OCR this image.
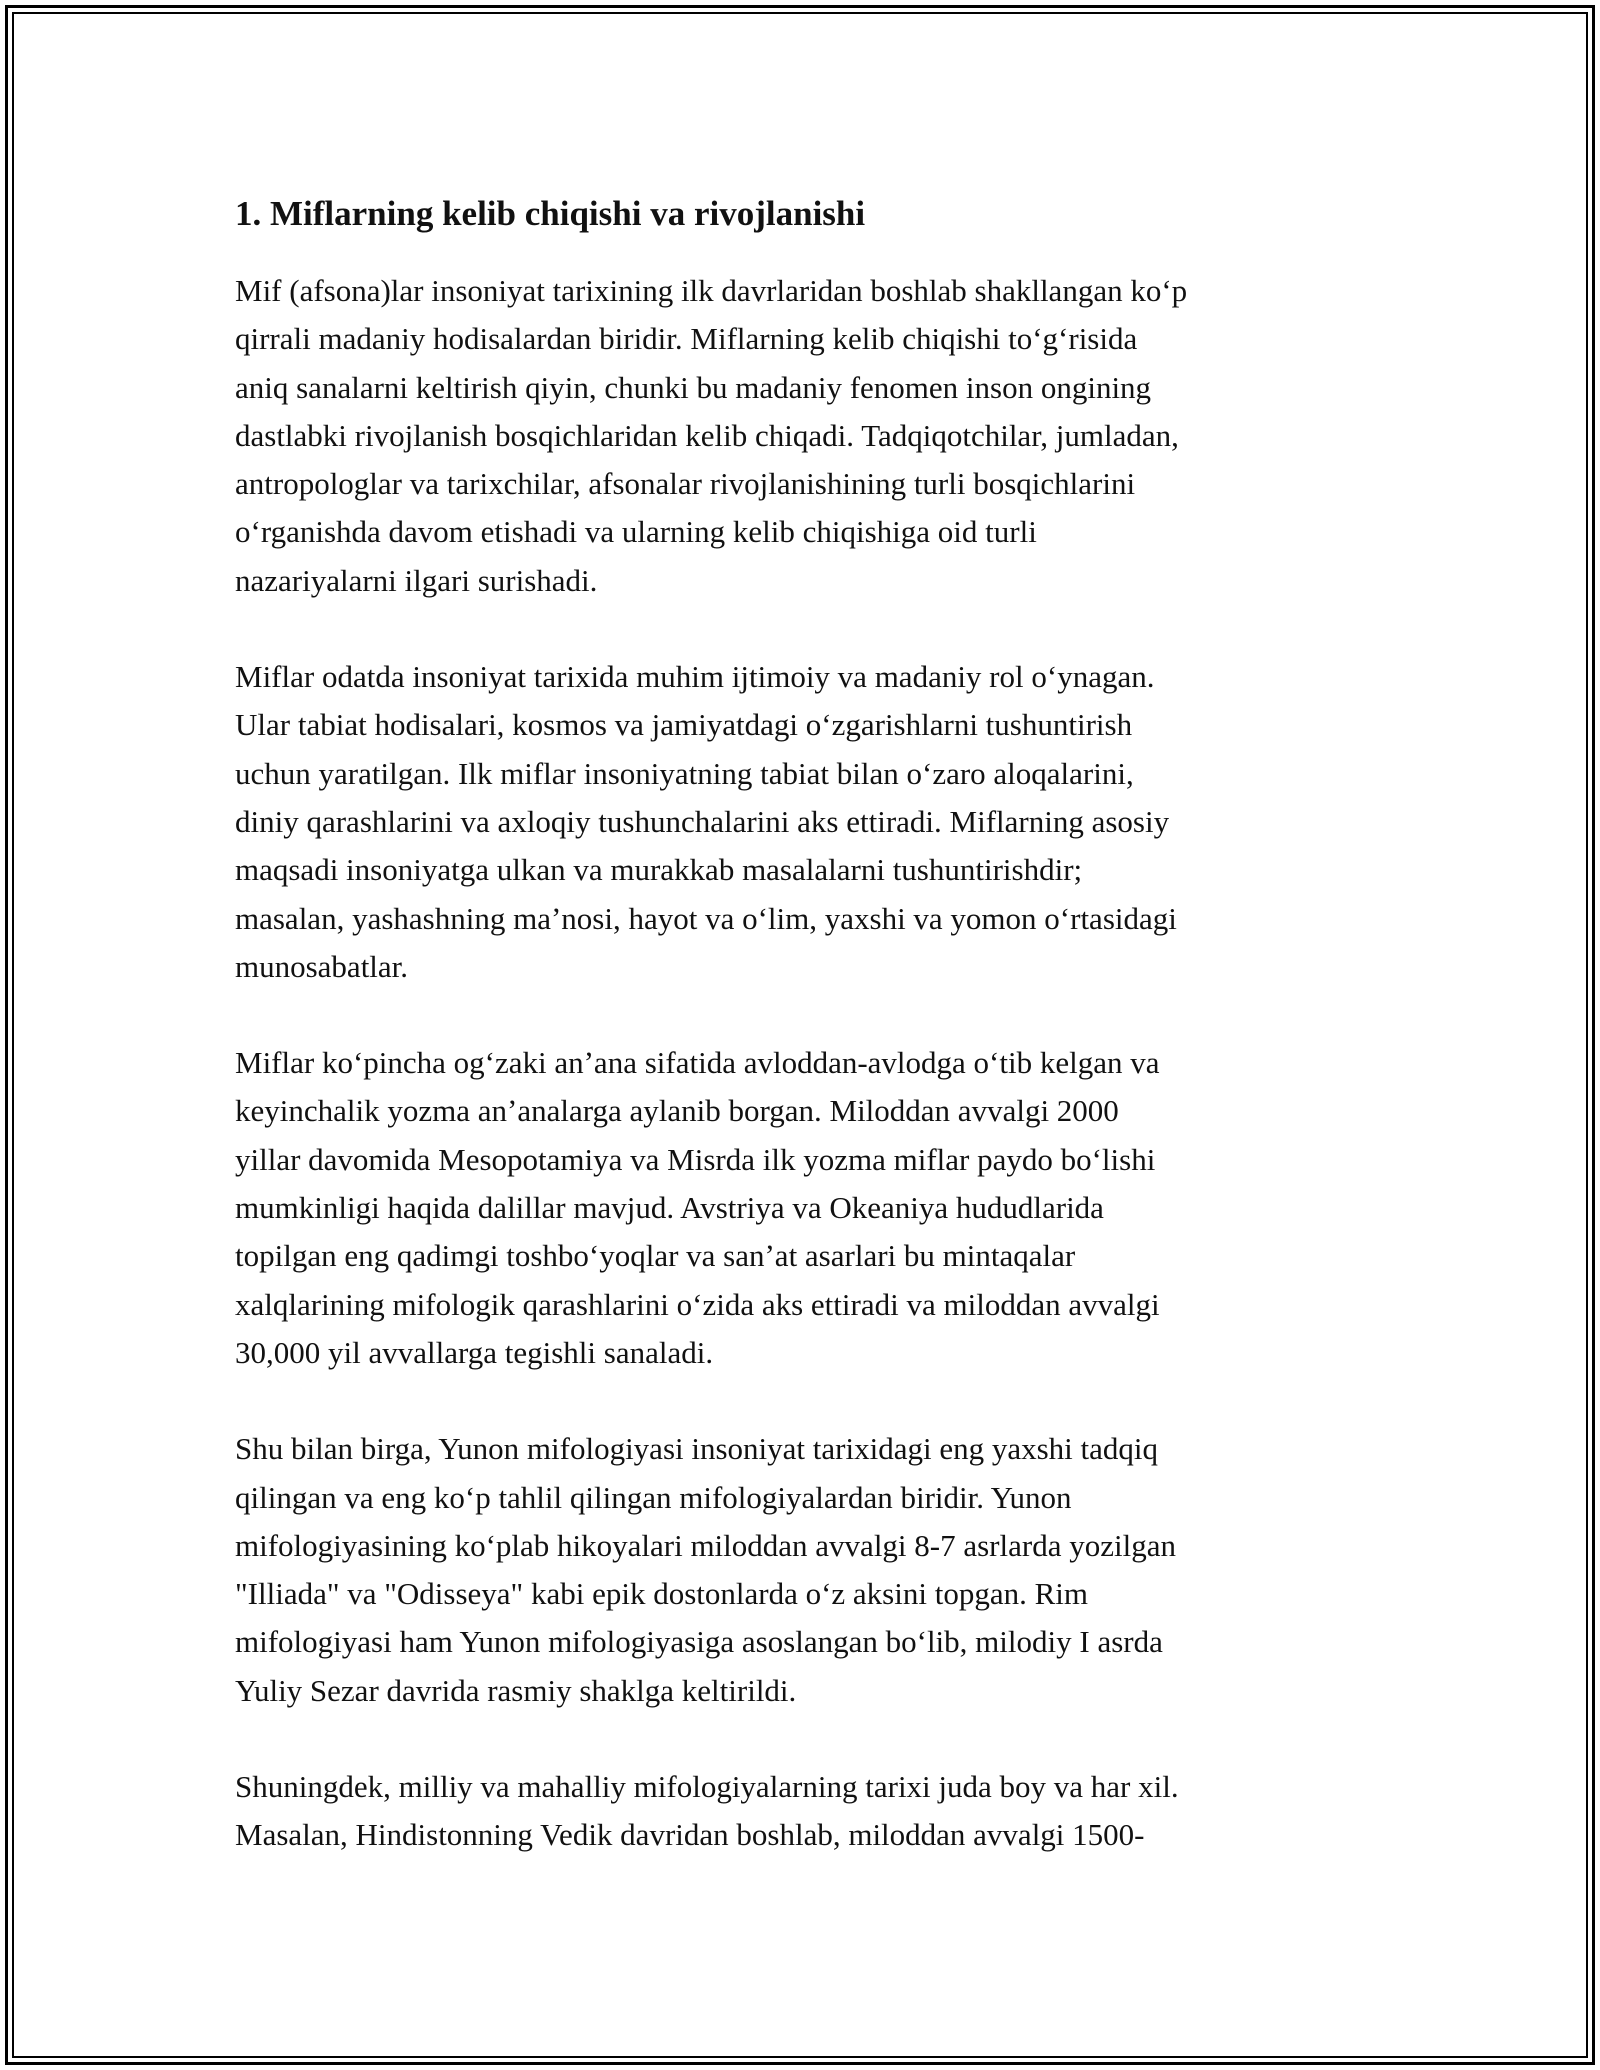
1. Miflarning kelib chiqishi va rivojlanishi

Mif (afsona)lar insoniyat tarixining ilk davrlaridan boshlab shakllangan koʻp
qirrali madaniy hodisalardan biridir. Miflarning kelib chiqishi toʻgʻrisida
aniq sanalarni keltirish qiyin, chunki bu madaniy fenomen inson ongining
dastlabki rivojlanish bosqichlaridan kelib chiqadi. Tadqiqotchilar, jumladan,
antropologlar va tarixchilar, afsonalar rivojlanishining turli bosqichlarini
oʻrganishda davom etishadi va ularning kelib chiqishiga oid turli
nazariyalarni ilgari surishadi.

Miflar odatda insoniyat tarixida muhim ijtimoiy va madaniy rol oʻynagan.
Ular tabiat hodisalari, kosmos va jamiyatdagi oʻzgarishlarni tushuntirish
uchun yaratilgan. Ilk miflar insoniyatning tabiat bilan oʻzaro aloqalarini,
diniy qarashlarini va axloqiy tushunchalarini aks ettiradi. Miflarning asosiy
maqsadi insoniyatga ulkan va murakkab masalalarni tushuntirishdir;
masalan, yashashning maʼnosi, hayot va oʻlim, yaxshi va yomon oʻrtasidagi
munosabatlar.

Miflar koʻpincha ogʻzaki anʼana sifatida avloddan-avlodga oʻtib kelgan va
keyinchalik yozma anʼanalarga aylanib borgan. Miloddan avvalgi 2000
yillar davomida Mesopotamiya va Misrda ilk yozma miflar paydo boʻlishi
mumkinligi haqida dalillar mavjud. Avstriya va Okeaniya hududlarida
topilgan eng qadimgi toshboʻyoqlar va sanʼat asarlari bu mintaqalar
xalqlarining mifologik qarashlarini oʻzida aks ettiradi va miloddan avvalgi
30,000 yil avvallarga tegishli sanaladi.

Shu bilan birga, Yunon mifologiyasi insoniyat tarixidagi eng yaxshi tadqiq
qilingan va eng koʻp tahlil qilingan mifologiyalardan biridir. Yunon
mifologiyasining koʻplab hikoyalari miloddan avvalgi 8-7 asrlarda yozilgan
"Illiada" va "Odisseya" kabi epik dostonlarda oʻz aksini topgan. Rim
mifologiyasi ham Yunon mifologiyasiga asoslangan boʻlib, milodiy I asrda
Yuliy Sezar davrida rasmiy shaklga keltirildi.

Shuningdek, milliy va mahalliy mifologiyalarning tarixi juda boy va har xil.
Masalan, Hindistonning Vedik davridan boshlab, miloddan avvalgi 1500-
